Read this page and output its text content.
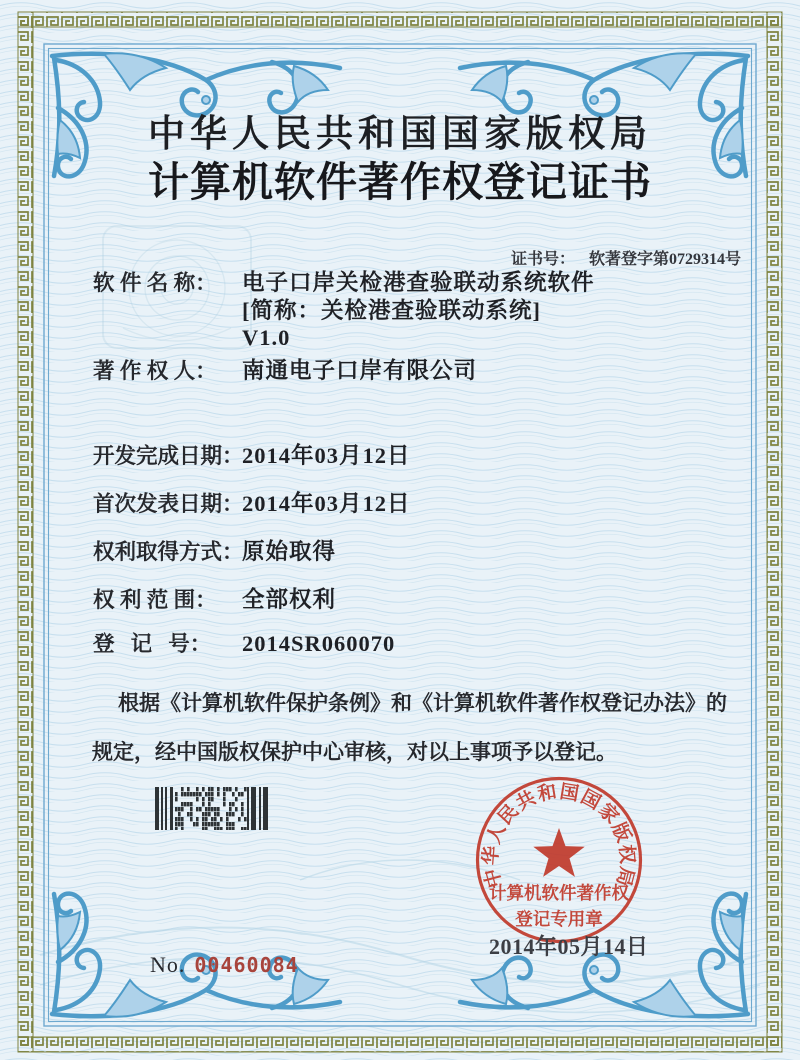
中华人民共和国国家版权局
计算机软件著作权登记证书

证书号： 软著登字第0729314号

软 件 名 称： 电子口岸关检港查验联动系统软件
[简称：关检港查验联动系统]
V1.0
著 作 权 人： 南通电子口岸有限公司
开发完成日期：
2014年03月12日
首次发表日期：
2014年03月12日
权利取得方式：
原始取得
权 利 范 围： 全部权利
登   记   号： 2014SR060070
根据《计算机软件保护条例》和《计算机软件著作权登记办法》的规定，经中国版权保护中心审核，对以上事项予以登记。
中华人民共和国国家版权局
计算机软件著作权
登记专用章
2014年05月14日

No. 00460084
